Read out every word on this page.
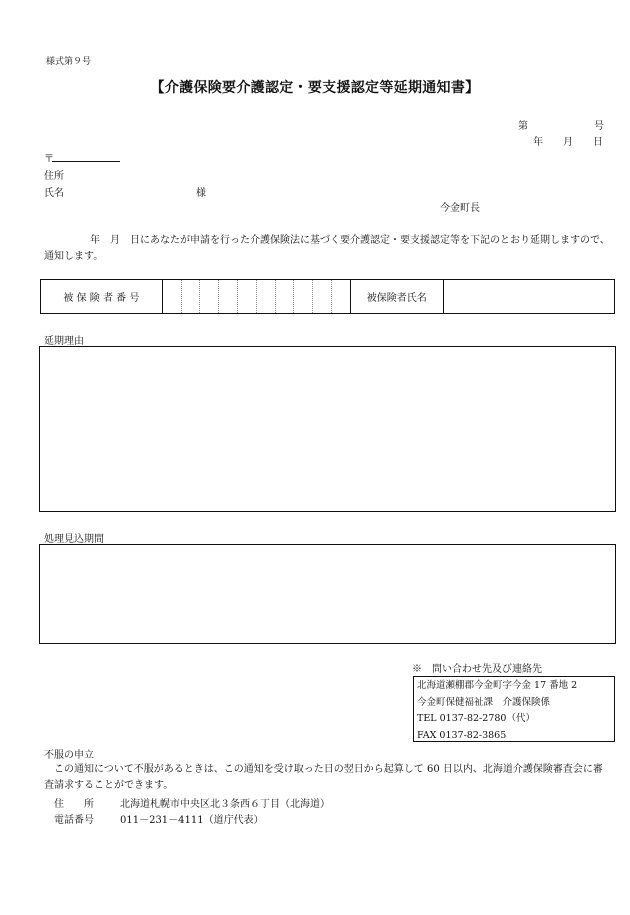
様式第９号
【介護保険要介護認定・要支援認定等延期通知書】
第	号
年 月 日
〒
住所
氏名	様
今金町長
年　月　日にあなたが申請を行った介護保険法に基づく要介護認定・要支援認定等を下記のとおり延期しますので、通知します。
被 保 険 者 番 号											被保険者氏名	
延期理由
処理見込期間
※　問い合わせ先及び連絡先
北海道瀬棚郡今金町字今金 17 番地 2
今金町保健福祉課　介護保険係
TEL 0137-82-2780（代）
FAX 0137-82-3865
不服の申立
この通知について不服があるときは、この通知を受け取った日の翌日から起算して 60 日以内、北海道介護保険審査会に審査請求することができます。
住　　所	北海道札幌市中央区北３条西６丁目（北海道）
電話番号	011－231－4111（道庁代表）
